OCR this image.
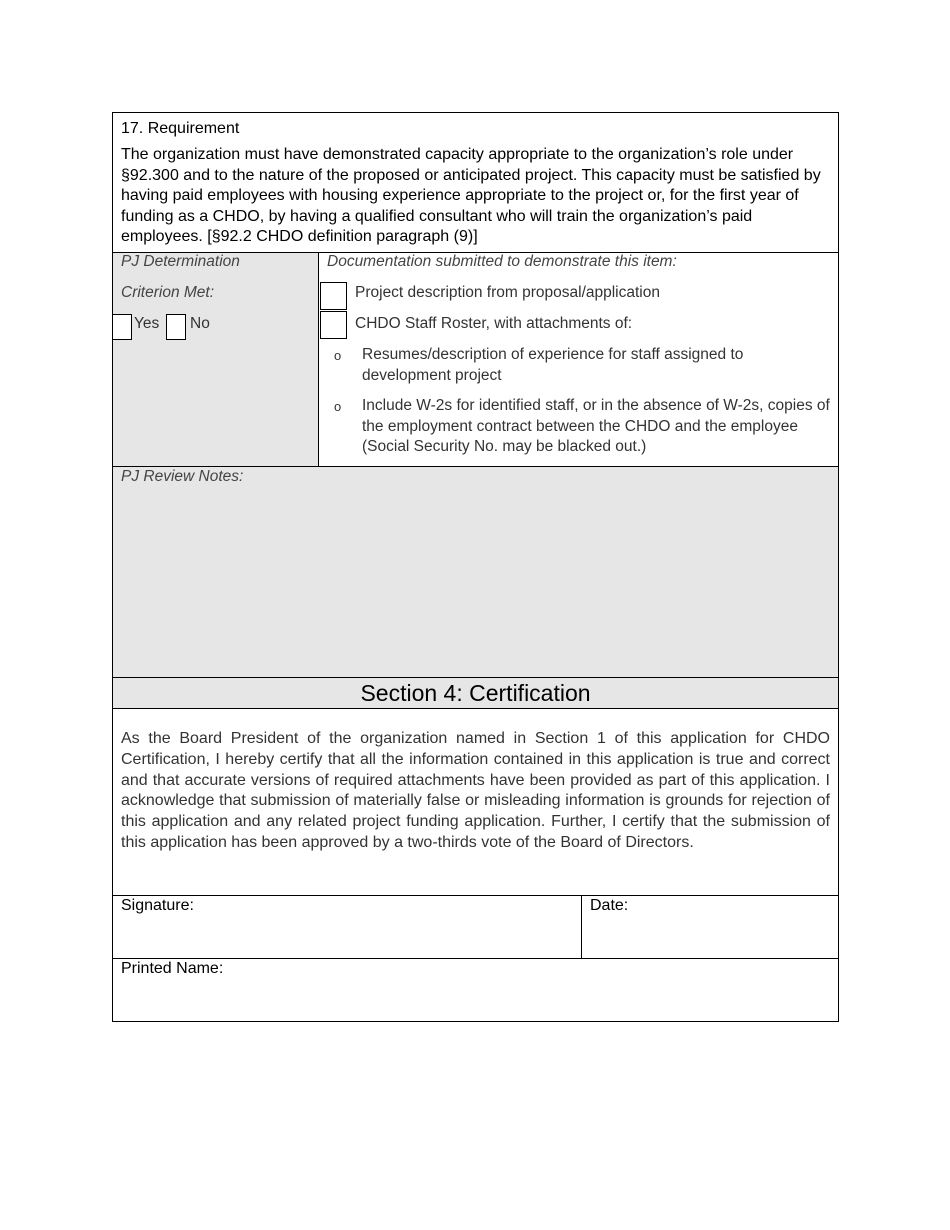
17. Requirement
The organization must have demonstrated capacity appropriate to the organization’s role under §92.300 and to the nature of the proposed or anticipated project. This capacity must be satisfied by having paid employees with housing experience appropriate to the project or, for the first year of funding as a CHDO, by having a qualified consultant who will train the organization’s paid employees. [§92.2 CHDO definition paragraph (9)]
PJ Determination
Criterion Met:
Yes No
Documentation submitted to demonstrate this item:
Project description from proposal/application
CHDO Staff Roster, with attachments of:
o Resumes/description of experience for staff assigned to development project
o Include W-2s for identified staff, or in the absence of W-2s, copies of the employment contract between the CHDO and the employee (Social Security No. may be blacked out.)
PJ Review Notes:
Section 4: Certification
As the Board President of the organization named in Section 1 of this application for CHDO Certification, I hereby certify that all the information contained in this application is true and correct and that accurate versions of required attachments have been provided as part of this application. I acknowledge that submission of materially false or misleading information is grounds for rejection of this application and any related project funding application. Further, I certify that the submission of this application has been approved by a two-thirds vote of the Board of Directors.
Signature:	Date:
Printed Name:
